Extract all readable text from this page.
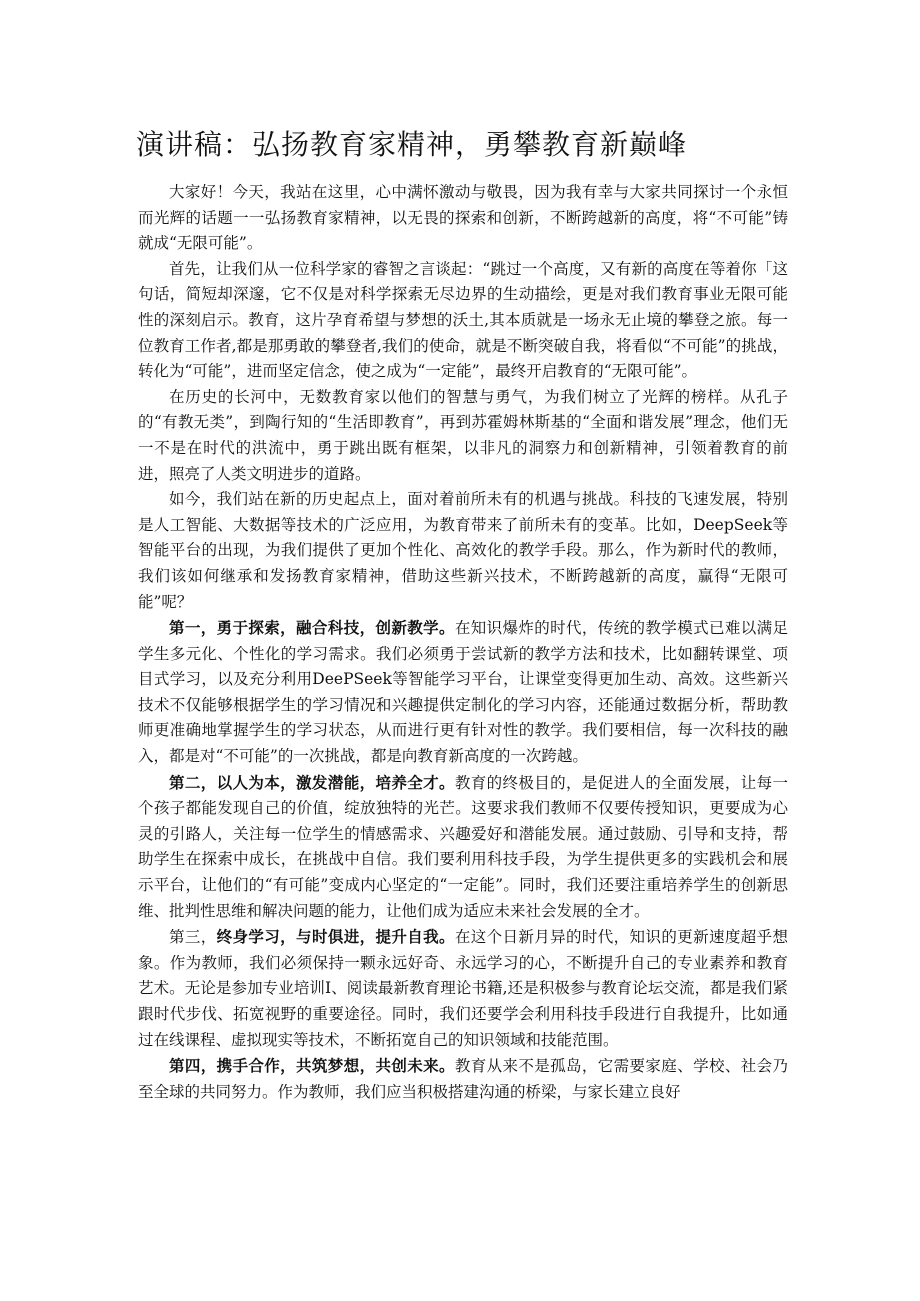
演讲稿：弘扬教育家精神，勇攀教育新巅峰

大家好！今天，我站在这里，心中满怀激动与敬畏，因为我有幸与大家共同探讨一个永恒而光辉的话题一一弘扬教育家精神，以无畏的探索和创新，不断跨越新的高度，将“不可能”铸就成“无限可能”。

首先，让我们从一位科学家的睿智之言谈起：“跳过一个高度，又有新的高度在等着你「这句话，简短却深邃，它不仅是对科学探索无尽边界的生动描绘，更是对我们教育事业无限可能性的深刻启示。教育，这片孕育希望与梦想的沃土,其本质就是一场永无止境的攀登之旅。每一位教育工作者,都是那勇敢的攀登者,我们的使命，就是不断突破自我，将看似“不可能”的挑战，转化为“可能”，进而坚定信念，使之成为“一定能”，最终开启教育的“无限可能”。

在历史的长河中，无数教育家以他们的智慧与勇气，为我们树立了光辉的榜样。从孔子的“有教无类”，到陶行知的“生活即教育”，再到苏霍姆林斯基的“全面和谐发展”理念，他们无一不是在时代的洪流中，勇于跳出既有框架，以非凡的洞察力和创新精神，引领着教育的前进，照亮了人类文明进步的道路。

如今，我们站在新的历史起点上，面对着前所未有的机遇与挑战。科技的飞速发展，特别是人工智能、大数据等技术的广泛应用，为教育带来了前所未有的变革。比如，DeepSeek等智能平台的出现，为我们提供了更加个性化、高效化的教学手段。那么，作为新时代的教师，我们该如何继承和发扬教育家精神，借助这些新兴技术，不断跨越新的高度，赢得“无限可能”呢？

第一，勇于探索，融合科技，创新教学。在知识爆炸的时代，传统的教学模式已难以满足学生多元化、个性化的学习需求。我们必须勇于尝试新的教学方法和技术，比如翻转课堂、项目式学习，以及充分利用DeePSeek等智能学习平台，让课堂变得更加生动、高效。这些新兴技术不仅能够根据学生的学习情况和兴趣提供定制化的学习内容，还能通过数据分析，帮助教师更准确地掌握学生的学习状态，从而进行更有针对性的教学。我们要相信，每一次科技的融入，都是对“不可能”的一次挑战，都是向教育新高度的一次跨越。

第二，以人为本，激发潜能，培养全才。教育的终极目的，是促进人的全面发展，让每一个孩子都能发现自己的价值，绽放独特的光芒。这要求我们教师不仅要传授知识，更要成为心灵的引路人，关注每一位学生的情感需求、兴趣爱好和潜能发展。通过鼓励、引导和支持，帮助学生在探索中成长，在挑战中自信。我们要利用科技手段，为学生提供更多的实践机会和展示平台，让他们的“有可能”变成内心坚定的“一定能”。同时，我们还要注重培养学生的创新思维、批判性思维和解决问题的能力，让他们成为适应未来社会发展的全才。

第三，终身学习，与时俱进，提升自我。在这个日新月异的时代，知识的更新速度超乎想象。作为教师，我们必须保持一颗永远好奇、永远学习的心，不断提升自己的专业素养和教育艺术。无论是参加专业培训I、阅读最新教育理论书籍,还是积极参与教育论坛交流，都是我们紧跟时代步伐、拓宽视野的重要途径。同时，我们还要学会利用科技手段进行自我提升，比如通过在线课程、虚拟现实等技术，不断拓宽自己的知识领域和技能范围。

第四，携手合作，共筑梦想，共创未来。教育从来不是孤岛，它需要家庭、学校、社会乃至全球的共同努力。作为教师，我们应当积极搭建沟通的桥梁，与家长建立良好
